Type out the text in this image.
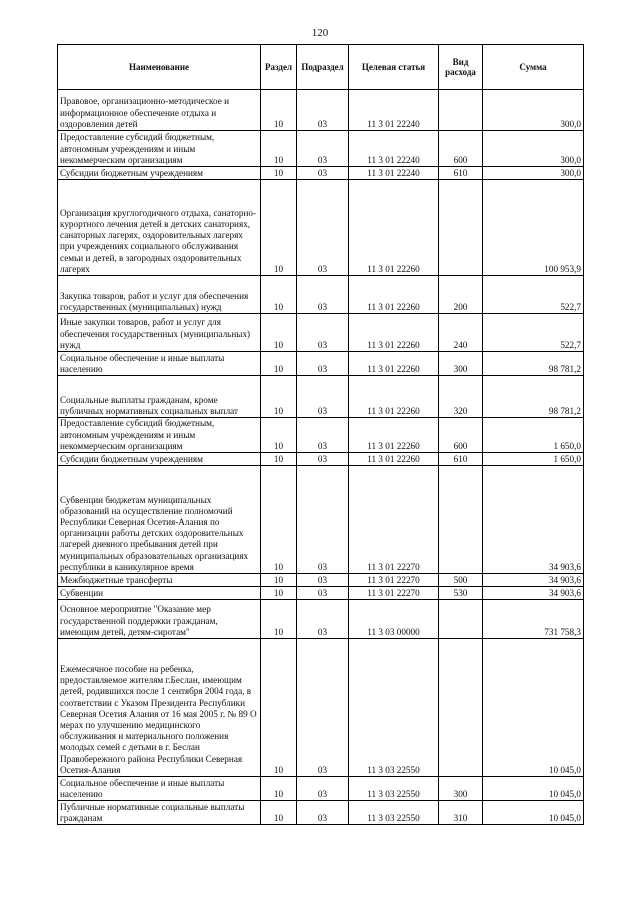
120
Наименование	Раздел	Подраздел	Целевая статья	Вид расхода	Сумма
Правовое, организационно-методическое и информационное обеспечение отдыха и оздоровления детей	10	03	11 3 01 22240		300,0
Предоставление субсидий бюджетным, автономным учреждениям и иным некоммерческим организациям	10	03	11 3 01 22240	600	300,0
Субсидии бюджетным учреждениям	10	03	11 3 01 22240	610	300,0
Организация круглогодичного отдыха, санаторно-курортного лечения детей в детских санаториях, санаторных лагерях, оздоровительных лагерях при учреждениях социального обслуживания семьи и детей, в загородных оздоровительных лагерях	10	03	11 3 01 22260		100 953,9
Закупка товаров, работ и услуг для обеспечения государственных (муниципальных) нужд	10	03	11 3 01 22260	200	522,7
Иные закупки товаров, работ и услуг для обеспечения государственных (муниципальных) нужд	10	03	11 3 01 22260	240	522,7
Социальное обеспечение и иные выплаты населению	10	03	11 3 01 22260	300	98 781,2
Социальные выплаты гражданам, кроме публичных нормативных социальных выплат	10	03	11 3 01 22260	320	98 781,2
Предоставление субсидий бюджетным, автономным учреждениям и иным некоммерческим организациям	10	03	11 3 01 22260	600	1 650,0
Субсидии бюджетным учреждениям	10	03	11 3 01 22260	610	1 650,0
Субвенции бюджетам муниципальных образований на осуществление полномочий Республики Северная Осетия-Алания по организации работы детских оздоровительных лагерей дневного пребывания детей при муниципальных образовательных организациях республики в каникулярное время	10	03	11 3 01 22270		34 903,6
Межбюджетные трансферты	10	03	11 3 01 22270	500	34 903,6
Субвенции	10	03	11 3 01 22270	530	34 903,6
Основное мероприятие "Оказание мер государственной поддержки гражданам, имеющим детей, детям-сиротам"	10	03	11 3 03 00000		731 758,3
Ежемесячное пособие на ребенка, предоставляемое жителям г.Беслан, имеющим детей, родившихся после 1 сентября 2004 года, в соответствии с Указом Президента Республики Северная Осетия Алания от 16 мая 2005 г. № 89 О мерах по улучшению медицинского обслуживания и материального положения молодых семей с детьми в г. Беслан Правобережного района Республики Северная Осетия-Алания	10	03	11 3 03 22550		10 045,0
Социальное обеспечение и иные выплаты населению	10	03	11 3 03 22550	300	10 045,0
Публичные нормативные социальные выплаты гражданам	10	03	11 3 03 22550	310	10 045,0
